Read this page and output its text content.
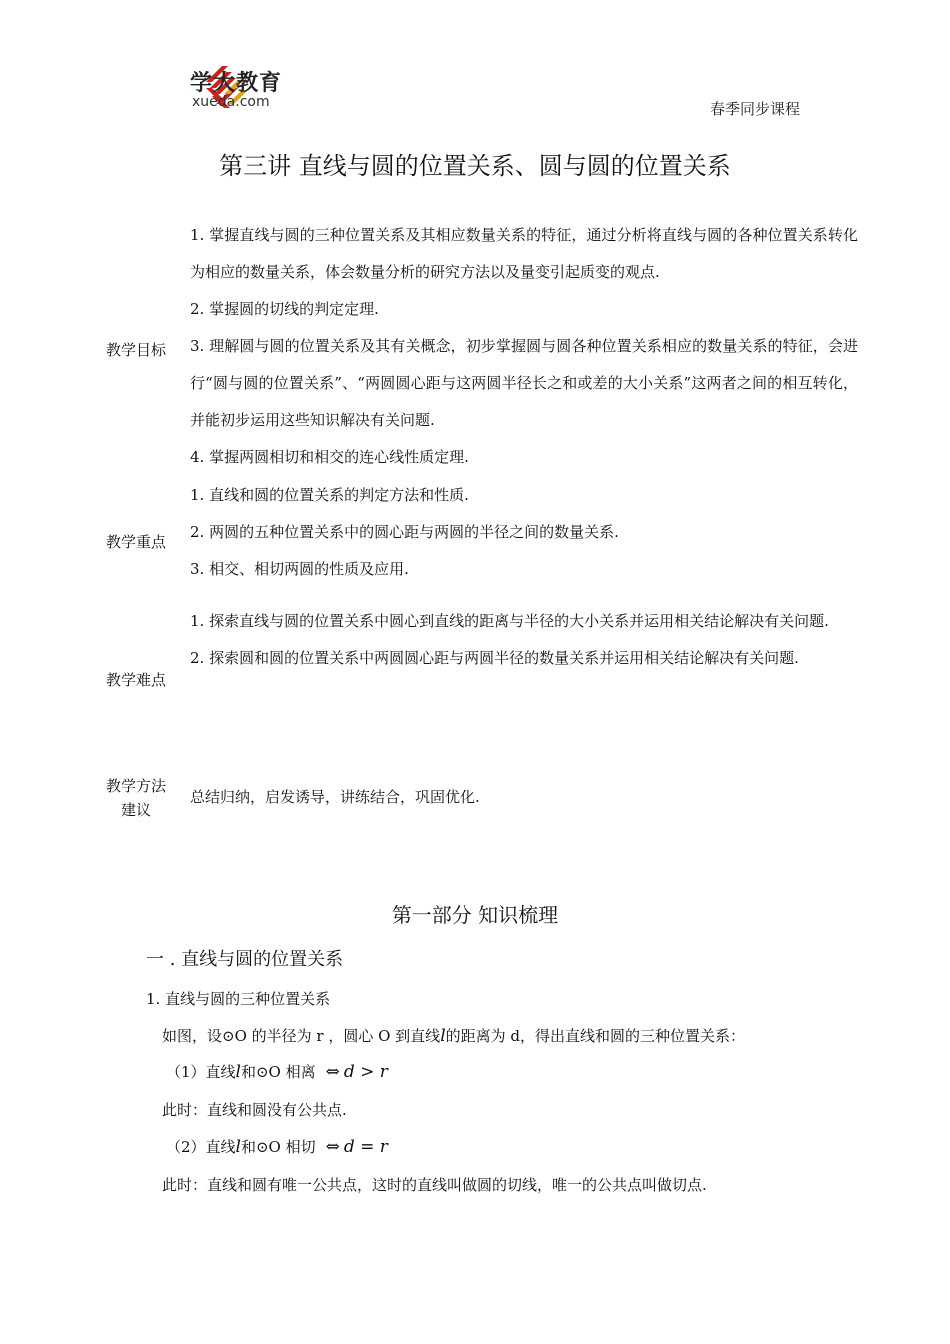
学大教育
xueda.com	春季同步课程
第三讲 直线与圆的位置关系、圆与圆的位置关系
教学目标

1. 掌握直线与圆的三种位置关系及其相应数量关系的特征，通过分析将直线与圆的各种位置关系转化为相应的数量关系，体会数量分析的研究方法以及量变引起质变的观点.

2. 掌握圆的切线的判定定理.

3. 理解圆与圆的位置关系及其有关概念，初步掌握圆与圆各种位置关系相应的数量关系的特征，会进行“圆与圆的位置关系”、“两圆圆心距与这两圆半径长之和或差的大小关系”这两者之间的相互转化，并能初步运用这些知识解决有关问题.

4. 掌握两圆相切和相交的连心线性质定理.

教学重点

1. 直线和圆的位置关系的判定方法和性质.

2. 两圆的五种位置关系中的圆心距与两圆的半径之间的数量关系.

3. 相交、相切两圆的性质及应用.

教学难点

1. 探索直线与圆的位置关系中圆心到直线的距离与半径的大小关系并运用相关结论解决有关问题.

2. 探索圆和圆的位置关系中两圆圆心距与两圆半径的数量关系并运用相关结论解决有关问题.

教学方法
建议

总结归纳，启发诱导，讲练结合，巩固优化.

第一部分 知识梳理
一 . 直线与圆的位置关系
1. 直线与圆的三种位置关系
如图，设⊙O 的半径为 r ，圆心 O 到直线l的距离为 d，得出直线和圆的三种位置关系：
（1）直线l和⊙O 相离 ⇔ d > r
此时：直线和圆没有公共点.
（2）直线l和⊙O 相切 ⇔ d = r
此时：直线和圆有唯一公共点，这时的直线叫做圆的切线，唯一的公共点叫做切点.
